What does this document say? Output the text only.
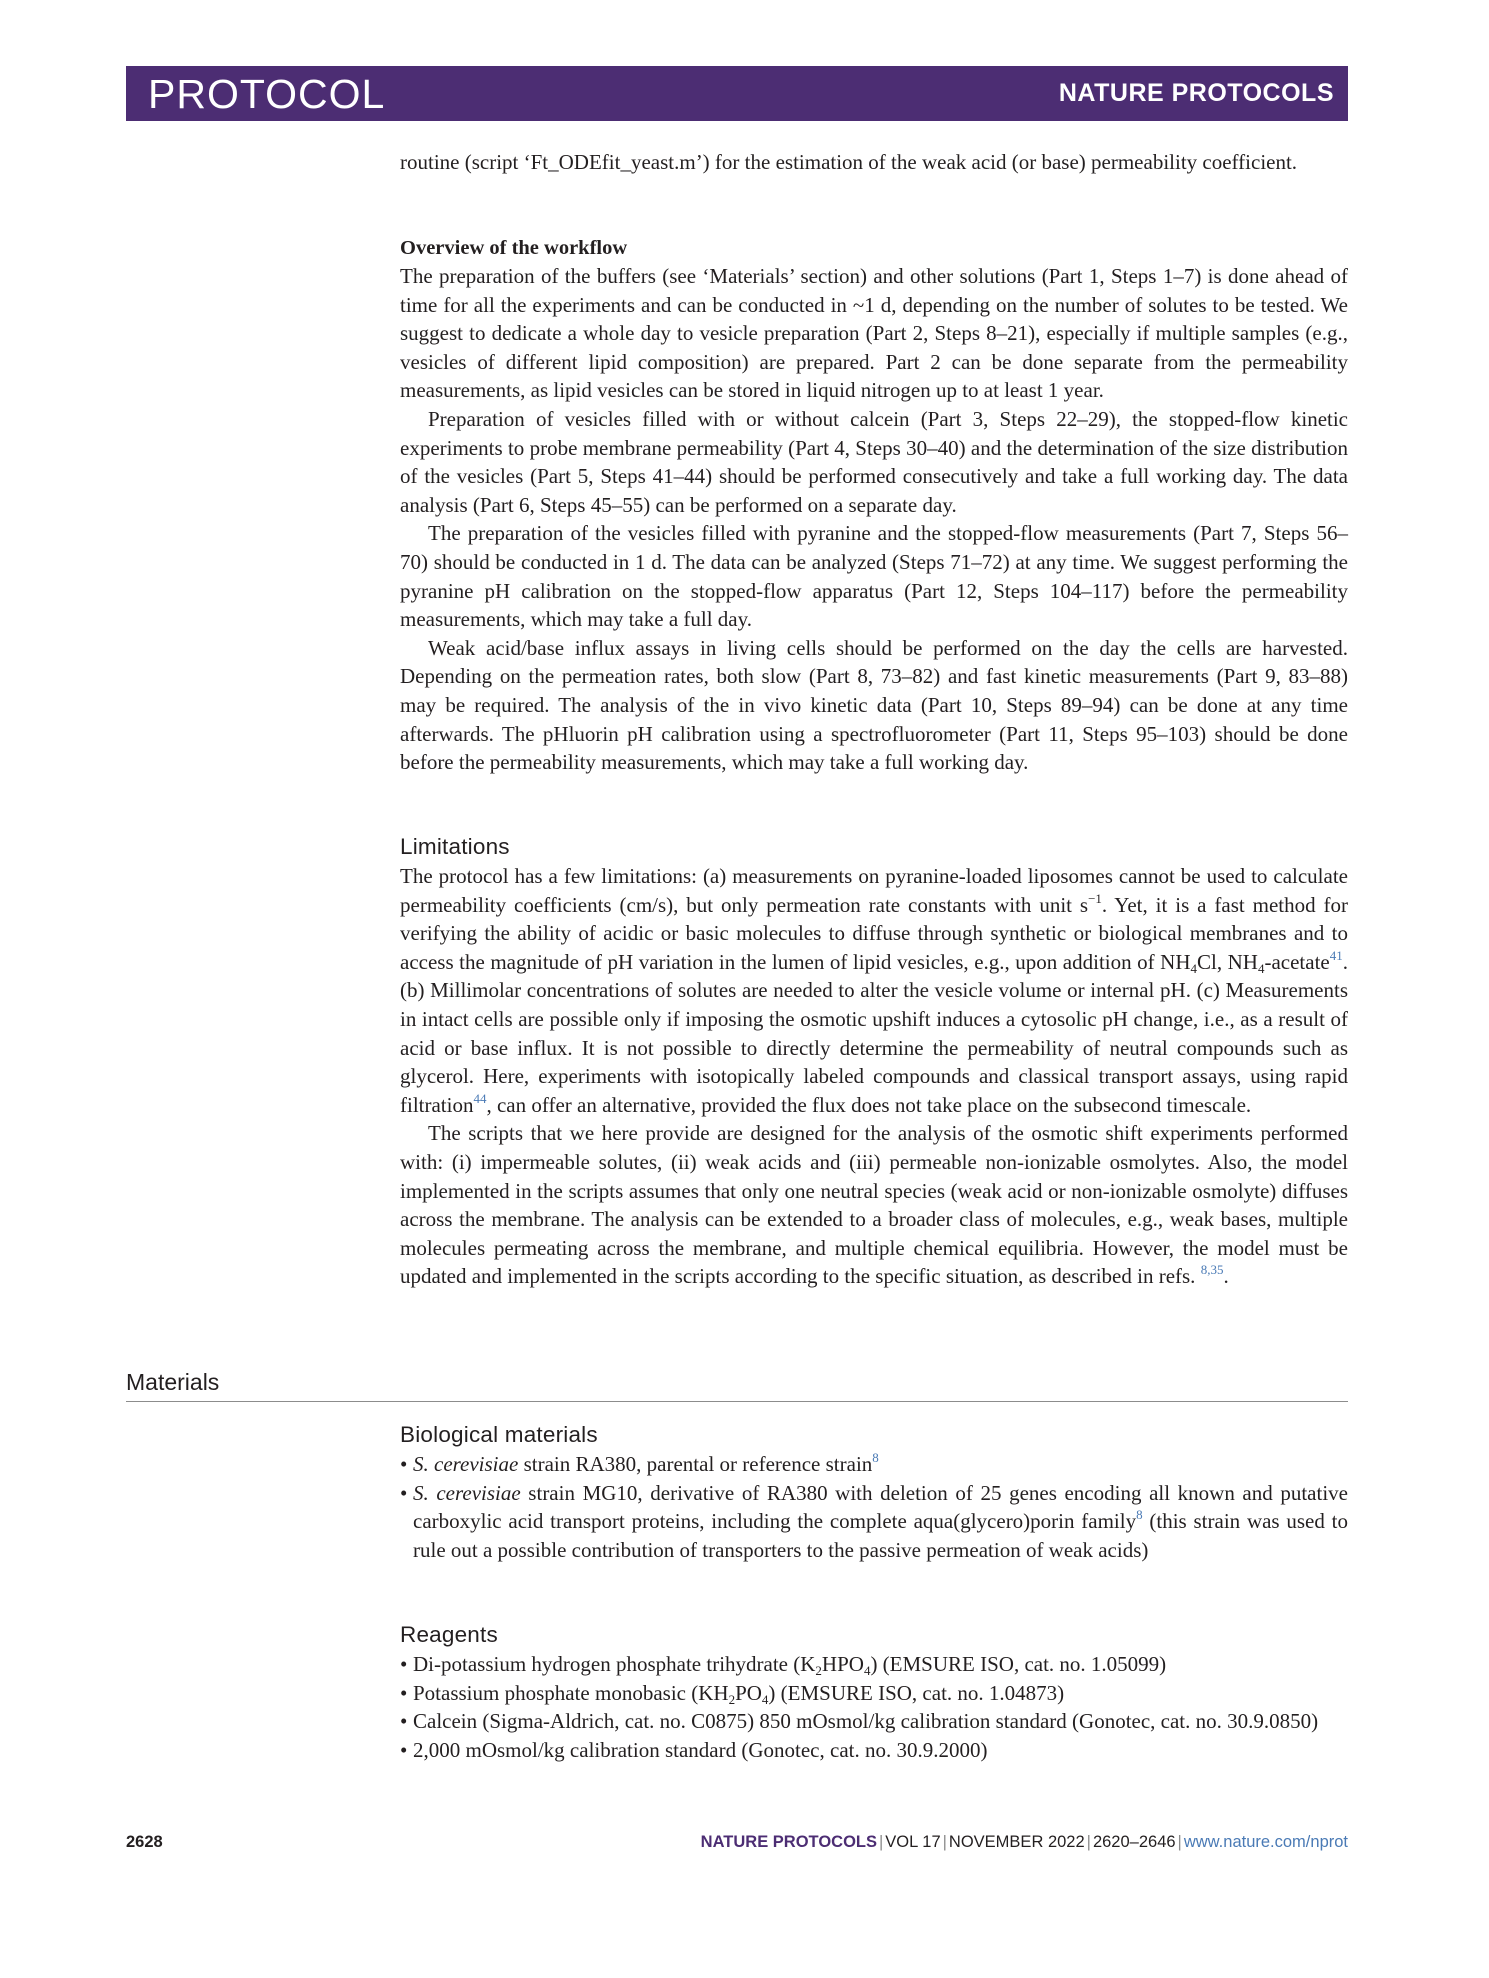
PROTOCOL	NATURE PROTOCOLS

routine (script ‘Ft_ODEfit_yeast.m’) for the estimation of the weak acid (or base) permeability coefficient.

Overview of the workflow

The preparation of the buffers (see ‘Materials’ section) and other solutions (Part 1, Steps 1–7) is done ahead of time for all the experiments and can be conducted in ~1 d, depending on the number of solutes to be tested. We suggest to dedicate a whole day to vesicle preparation (Part 2, Steps 8–21), especially if multiple samples (e.g., vesicles of different lipid composition) are prepared. Part 2 can be done separate from the permeability measurements, as lipid vesicles can be stored in liquid nitrogen up to at least 1 year.

Preparation of vesicles filled with or without calcein (Part 3, Steps 22–29), the stopped-flow kinetic experiments to probe membrane permeability (Part 4, Steps 30–40) and the determination of the size distribution of the vesicles (Part 5, Steps 41–44) should be performed consecutively and take a full working day. The data analysis (Part 6, Steps 45–55) can be performed on a separate day.

The preparation of the vesicles filled with pyranine and the stopped-flow measurements (Part 7, Steps 56–70) should be conducted in 1 d. The data can be analyzed (Steps 71–72) at any time. We suggest performing the pyranine pH calibration on the stopped-flow apparatus (Part 12, Steps 104–117) before the permeability measurements, which may take a full day.

Weak acid/base influx assays in living cells should be performed on the day the cells are harvested. Depending on the permeation rates, both slow (Part 8, 73–82) and fast kinetic measurements (Part 9, 83–88) may be required. The analysis of the in vivo kinetic data (Part 10, Steps 89–94) can be done at any time afterwards. The pHluorin pH calibration using a spectrofluorometer (Part 11, Steps 95–103) should be done before the permeability measurements, which may take a full working day.

Limitations

The protocol has a few limitations: (a) measurements on pyranine-loaded liposomes cannot be used to calculate permeability coefficients (cm/s), but only permeation rate constants with unit $s^{-1}$. Yet, it is a fast method for verifying the ability of acidic or basic molecules to diffuse through synthetic or biological membranes and to access the magnitude of pH variation in the lumen of lipid vesicles, e.g., upon addition of $NH_4Cl$, $NH_4-acetate^{41}$. (b) Millimolar concentrations of solutes are needed to alter the vesicle volume or internal pH. (c) Measurements in intact cells are possible only if imposing the osmotic upshift induces a cytosolic pH change, i.e., as a result of acid or base influx. It is not possible to directly determine the permeability of neutral compounds such as glycerol. Here, experiments with isotopically labeled compounds and classical transport assays, using rapid filtration$^{44}$, can offer an alternative, provided the flux does not take place on the subsecond timescale.

The scripts that we here provide are designed for the analysis of the osmotic shift experiments performed with: (i) impermeable solutes, (ii) weak acids and (iii) permeable non-ionizable osmolytes. Also, the model implemented in the scripts assumes that only one neutral species (weak acid or non-ionizable osmolyte) diffuses across the membrane. The analysis can be extended to a broader class of molecules, e.g., weak bases, multiple molecules permeating across the membrane, and multiple chemical equilibria. However, the model must be updated and implemented in the scripts according to the specific situation, as described in refs. $^{8,35}$.

Materials
Biological materials
• S. cerevisiae strain RA380, parental or reference strain$^8$
• S. cerevisiae strain MG10, derivative of RA380 with deletion of 25 genes encoding all known and putative carboxylic acid transport proteins, including the complete aqua(glycero)porin family$^8$ (this strain was used to rule out a possible contribution of transporters to the passive permeation of weak acids)
Reagents
• Di-potassium hydrogen phosphate trihydrate $(K_2HPO_4)$ (EMSURE ISO, cat. no. 1.05099)
• Potassium phosphate monobasic $(KH_2PO_4)$ (EMSURE ISO, cat. no. 1.04873)
• Calcein (Sigma-Aldrich, cat. no. C0875) 850 mOsmol/kg calibration standard (Gonotec, cat. no. 30.9.0850)
• 2,000 mOsmol/kg calibration standard (Gonotec, cat. no. 30.9.2000)
2628	NATURE PROTOCOLS | VOL 17 | NOVEMBER 2022 | 2620–2646 | www.nature.com/nprot
